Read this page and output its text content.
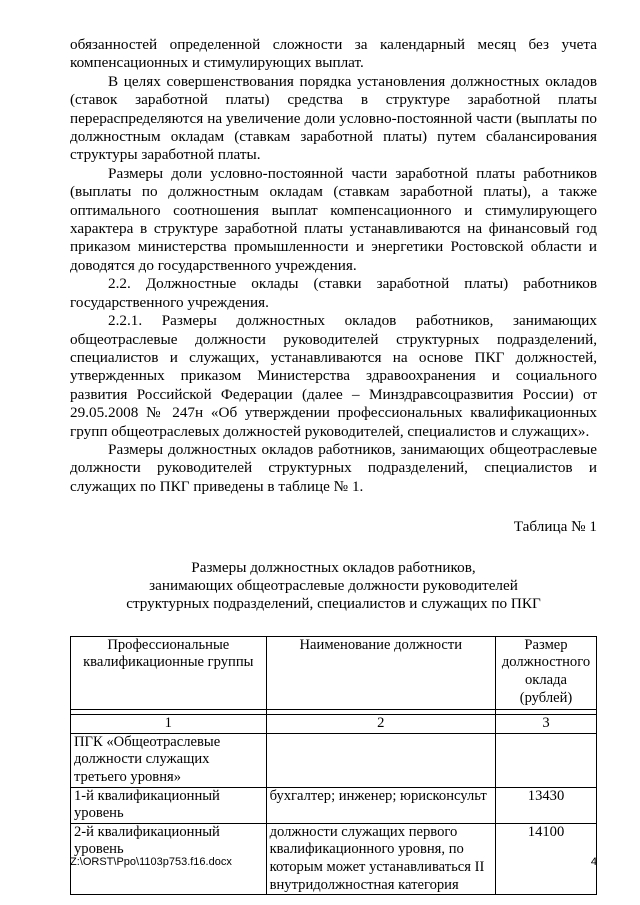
обязанностей определенной сложности за календарный месяц без учета компенсационных и стимулирующих выплат.

В целях совершенствования порядка установления должностных окладов (ставок заработной платы) средства в структуре заработной платы перераспределяются на увеличение доли условно-постоянной части (выплаты по должностным окладам (ставкам заработной платы) путем сбалансирования структуры заработной платы.

Размеры доли условно-постоянной части заработной платы работников (выплаты по должностным окладам (ставкам заработной платы), а также оптимального соотношения выплат компенсационного и стимулирующего характера в структуре заработной платы устанавливаются на финансовый год приказом министерства промышленности и энергетики Ростовской области и доводятся до государственного учреждения.

2.2. Должностные оклады (ставки заработной платы) работников государственного учреждения.

2.2.1. Размеры должностных окладов работников, занимающих общеотраслевые должности руководителей структурных подразделений, специалистов и служащих, устанавливаются на основе ПКГ должностей, утвержденных приказом Министерства здравоохранения и социального развития Российской Федерации (далее – Минздравсоцразвития России) от 29.05.2008 № 247н «Об утверждении профессиональных квалификационных групп общеотраслевых должностей руководителей, специалистов и служащих».

Размеры должностных окладов работников, занимающих общеотраслевые должности руководителей структурных подразделений, специалистов и служащих по ПКГ приведены в таблице № 1.

Таблица № 1
Размеры должностных окладов работников,
занимающих общеотраслевые должности руководителей
структурных подразделений, специалистов и служащих по ПКГ
Профессиональные квалификационные группы	Наименование должности	Размер должностного оклада (рублей)

1	2	3
ПГК «Общеотраслевые должности служащих третьего уровня»		
1-й квалификационный уровень	бухгалтер; инженер; юрисконсульт	13430
2-й квалификационный уровень	должности служащих первого квалификационного уровня, по которым может устанавливаться II внутридолжностная категория	14100
Z:\ORST\Ppo\1103p753.f16.docx	4
